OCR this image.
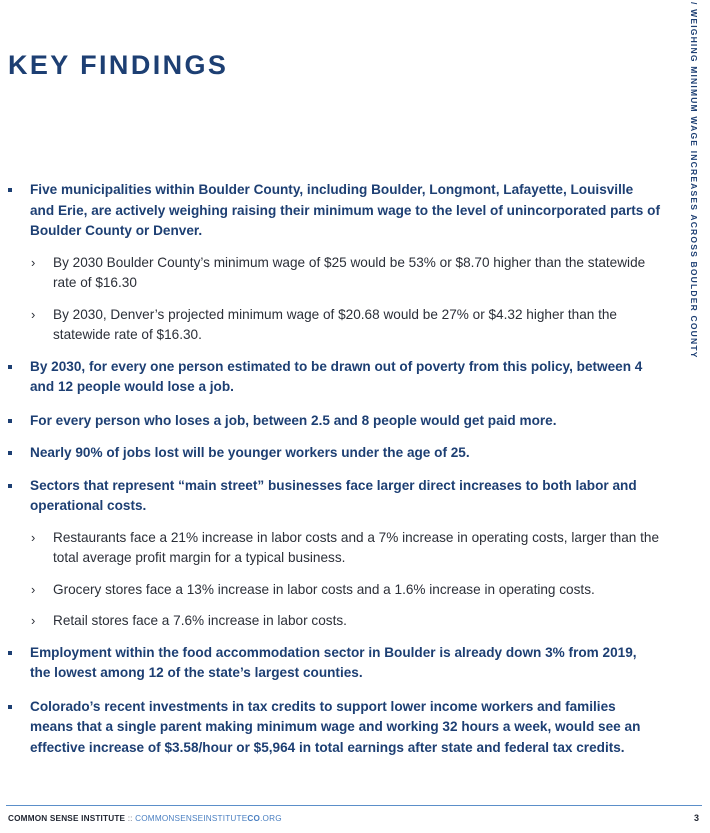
KEY FINDINGS	/ WEIGHING MINIMUM WAGE INCREASES ACROSS BOULDER COUNTY
Five municipalities within Boulder County, including Boulder, Longmont, Lafayette, Louisville and Erie, are actively weighing raising their minimum wage to the level of unincorporated parts of Boulder County or Denver.
› By 2030 Boulder County’s minimum wage of $25 would be 53% or $8.70 higher than the statewide rate of $16.30
› By 2030, Denver’s projected minimum wage of $20.68 would be 27% or $4.32 higher than the statewide rate of $16.30.
By 2030, for every one person estimated to be drawn out of poverty from this policy, between 4 and 12 people would lose a job.
For every person who loses a job, between 2.5 and 8 people would get paid more.
Nearly 90% of jobs lost will be younger workers under the age of 25.
Sectors that represent “main street” businesses face larger direct increases to both labor and operational costs.
› Restaurants face a 21% increase in labor costs and a 7% increase in operating costs, larger than the total average profit margin for a typical business.
› Grocery stores face a 13% increase in labor costs and a 1.6% increase in operating costs.
› Retail stores face a 7.6% increase in labor costs.
Employment within the food accommodation sector in Boulder is already down 3% from 2019, the lowest among 12 of the state’s largest counties.
Colorado’s recent investments in tax credits to support lower income workers and families means that a single parent making minimum wage and working 32 hours a week, would see an effective increase of $3.58/hour or $5,964 in total earnings after state and federal tax credits.
COMMON SENSE INSTITUTE :: COMMONSENSEINSTITUTECO.ORG	3
